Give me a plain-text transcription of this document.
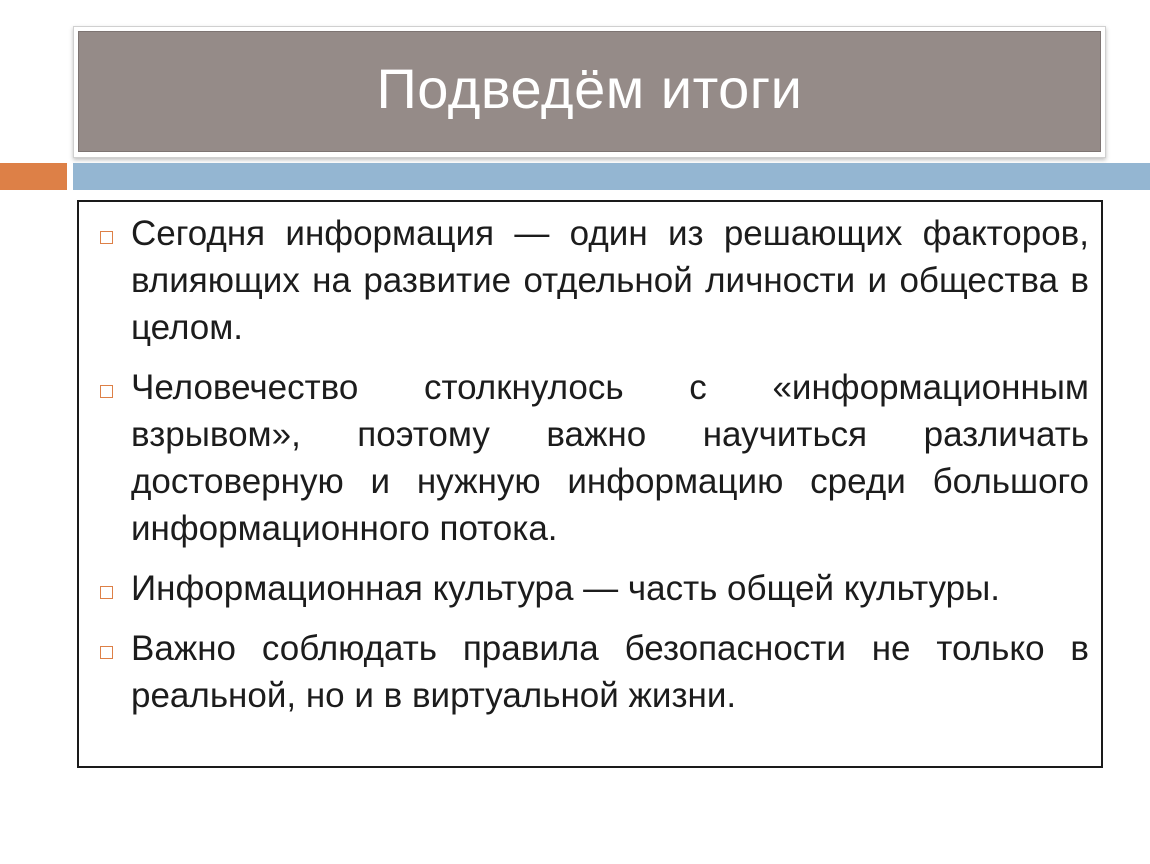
Подведём итоги
Сегодня информация — один из решающих факторов, влияющих на развитие отдельной личности и общества в целом.
Человечество столкнулось с «информационным взрывом», поэтому важно научиться различать достоверную и нужную информацию среди большого информационного потока.
Информационная культура — часть общей культуры.
Важно соблюдать правила безопасности не только в реальной, но и в виртуальной жизни.
